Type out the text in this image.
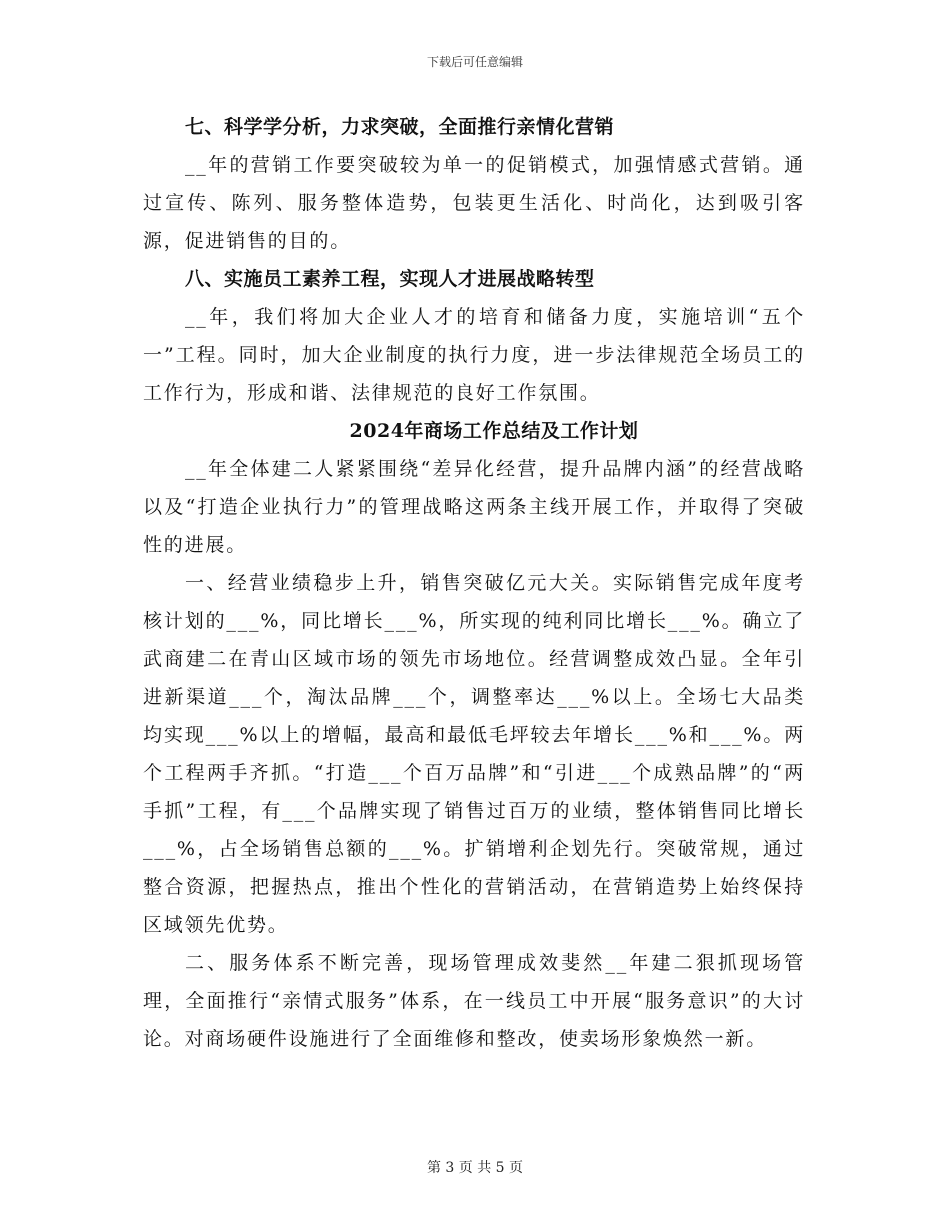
下载后可任意编辑

七、科学学分析，力求突破，全面推行亲情化营销

__年的营销工作要突破较为单一的促销模式，加强情感式营销。通过宣传、陈列、服务整体造势，包装更生活化、时尚化，达到吸引客源，促进销售的目的。

八、实施员工素养工程，实现人才进展战略转型

__年，我们将加大企业人才的培育和储备力度，实施培训“五个一”工程。同时，加大企业制度的执行力度，进一步法律规范全场员工的工作行为，形成和谐、法律规范的良好工作氛围。

2024年商场工作总结及工作计划

__年全体建二人紧紧围绕“差异化经营，提升品牌内涵”的经营战略以及“打造企业执行力”的管理战略这两条主线开展工作，并取得了突破性的进展。

一、经营业绩稳步上升，销售突破亿元大关。实际销售完成年度考核计划的___%，同比增长___%，所实现的纯利同比增长___%。确立了武商建二在青山区域市场的领先市场地位。经营调整成效凸显。全年引进新渠道___个，淘汰品牌___个，调整率达___%以上。全场七大品类均实现___%以上的增幅，最高和最低毛坪较去年增长___%和___%。两个工程两手齐抓。“打造___个百万品牌”和“引进___个成熟品牌”的“两手抓”工程，有___个品牌实现了销售过百万的业绩，整体销售同比增长___%，占全场销售总额的___%。扩销增利企划先行。突破常规，通过整合资源，把握热点，推出个性化的营销活动，在营销造势上始终保持区域领先优势。

二、服务体系不断完善，现场管理成效斐然__年建二狠抓现场管理，全面推行“亲情式服务”体系，在一线员工中开展“服务意识”的大讨论。对商场硬件设施进行了全面维修和整改，使卖场形象焕然一新。

第 3 页 共 5 页
